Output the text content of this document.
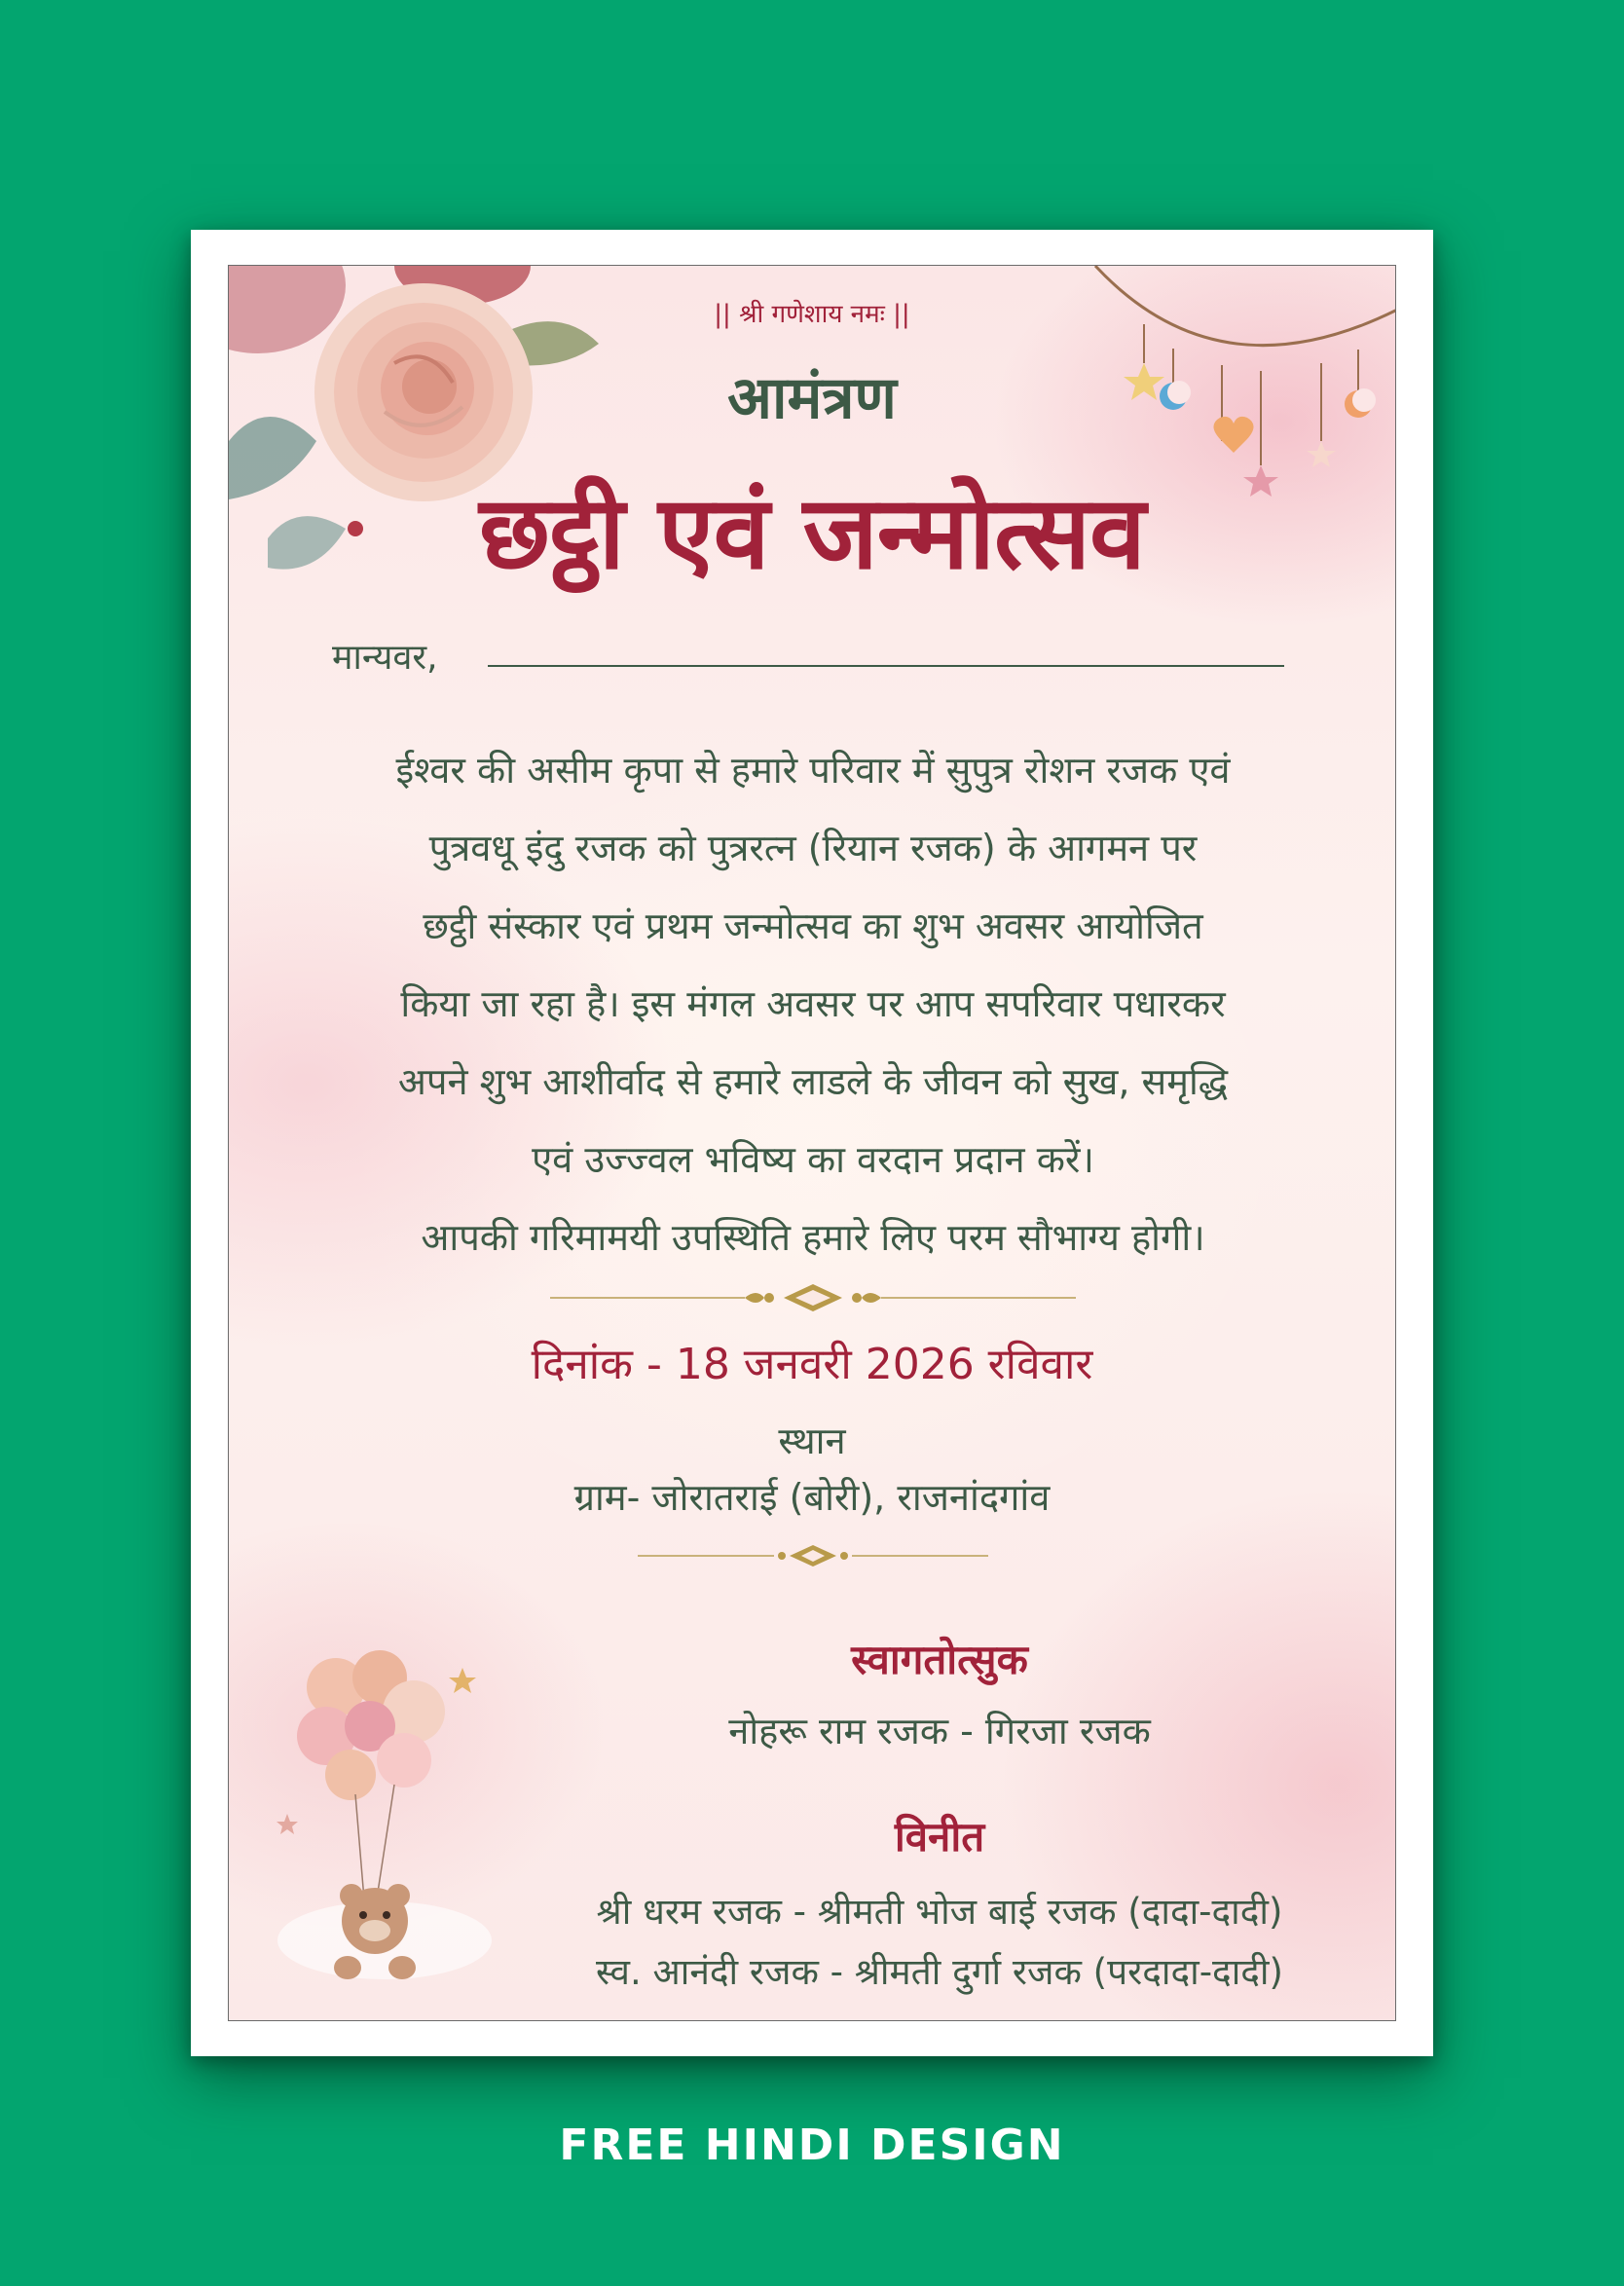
|| श्री गणेशाय नमः ||
आमंत्रण
छट्ठी एवं जन्मोत्सव
मान्यवर,
ईश्वर की असीम कृपा से हमारे परिवार में सुपुत्र रोशन रजक एवं
पुत्रवधू इंदु रजक को पुत्ररत्न (रियान रजक) के आगमन पर
छट्ठी संस्कार एवं प्रथम जन्मोत्सव का शुभ अवसर आयोजित
किया जा रहा है। इस मंगल अवसर पर आप सपरिवार पधारकर
अपने शुभ आशीर्वाद से हमारे लाडले के जीवन को सुख, समृद्धि
एवं उज्ज्वल भविष्य का वरदान प्रदान करें।
आपकी गरिमामयी उपस्थिति हमारे लिए परम सौभाग्य होगी।
दिनांक - 18 जनवरी 2026 रविवार
स्थान
ग्राम- जोरातराई (बोरी), राजनांदगांव
स्वागतोत्सुक
नोहरू राम रजक - गिरजा रजक
विनीत
श्री धरम रजक - श्रीमती भोज बाई रजक (दादा-दादी)
स्व. आनंदी रजक - श्रीमती दुर्गा रजक (परदादा-दादी)
FREE HINDI DESIGN
